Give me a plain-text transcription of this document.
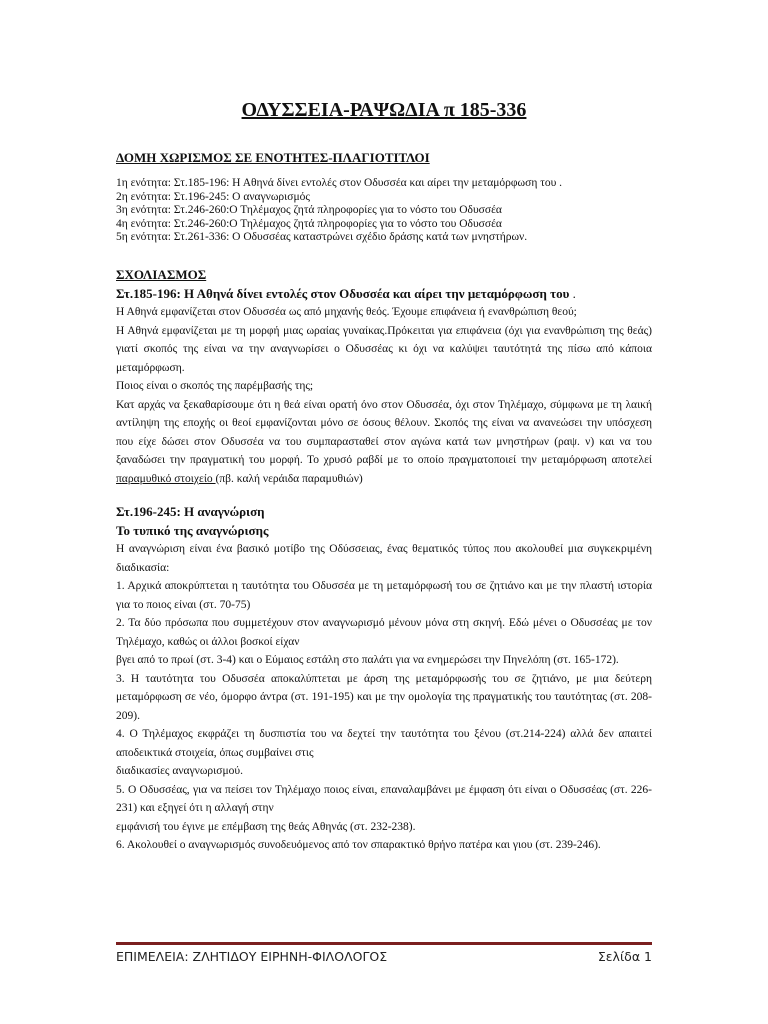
ΟΔΥΣΣΕΙΑ-ΡΑΨΩΔΙΑ π 185-336
ΔΟΜΗ ΧΩΡΙΣΜΟΣ ΣΕ ΕΝΟΤΗΤΕΣ-ΠΛΑΓΙΟΤΙΤΛΟΙ
1η ενότητα: Στ.185-196: Η Αθηνά δίνει εντολές στον Οδυσσέα και αίρει την μεταμόρφωση του .
2η ενότητα: Στ.196-245: Ο αναγνωρισμός
3η ενότητα: Στ.246-260:Ο Τηλέμαχος ζητά πληροφορίες για το νόστο του Οδυσσέα
4η ενότητα: Στ.246-260:Ο Τηλέμαχος ζητά πληροφορίες για το νόστο του Οδυσσέα
5η ενότητα: Στ.261-336: Ο Οδυσσέας καταστρώνει σχέδιο δράσης κατά των μνηστήρων.

ΣΧΟΛΙΑΣΜΟΣ

Στ.185-196: Η Αθηνά δίνει εντολές στον Οδυσσέα και αίρει την μεταμόρφωση του .

Η Αθηνά εμφανίζεται στον Οδυσσέα ως από μηχανής θεός. Έχουμε επιφάνεια ή ενανθρώπιση θεού;

Η Αθηνά εμφανίζεται με τη μορφή μιας ωραίας γυναίκας.Πρόκειται για επιφάνεια (όχι για ενανθρώπιση της θεάς) γιατί σκοπός της είναι να την αναγνωρίσει ο Οδυσσέας κι όχι να καλύψει ταυτότητά της πίσω από κάποια μεταμόρφωση.

Ποιος είναι ο σκοπός της παρέμβασής της;

Κατ αρχάς να ξεκαθαρίσουμε ότι η θεά είναι ορατή όνο στον Οδυσσέα, όχι στον Τηλέμαχο, σύμφωνα με τη λαική αντίληψη της εποχής οι θεοί εμφανίζονται μόνο σε όσους θέλουν. Σκοπός της είναι να ανανεώσει την υπόσχεση που είχε δώσει στον Οδυσσέα να του συμπαρασταθεί στον αγώνα κατά των μνηστήρων (ραψ. ν) και να του ξαναδώσει την πραγματική του μορφή. Το χρυσό ραβδί με το οποίο πραγματοποιεί την μεταμόρφωση αποτελεί παραμυθικό στοιχείο (πβ. καλή νεράιδα παραμυθιών)

Στ.196-245: Η αναγνώριση

Το τυπικό της αναγνώρισης

Η αναγνώριση είναι ένα βασικό μοτίβο της Οδύσσειας, ένας θεματικός τύπος που ακολουθεί μια συγκεκριμένη διαδικασία:

1. Αρχικά αποκρύπτεται η ταυτότητα του Οδυσσέα με τη μεταμόρφωσή του σε ζητιάνο και με την πλαστή ιστορία για το ποιος είναι (στ. 70-75)

2. Τα δύο πρόσωπα που συμμετέχουν στον αναγνωρισμό μένουν μόνα στη σκηνή. Εδώ μένει ο Οδυσσέας με τον Τηλέμαχο, καθώς οι άλλοι βοσκοί είχαν

βγει από το πρωί (στ. 3-4) και ο Εύμαιος εστάλη στο παλάτι για να ενημερώσει την Πηνελόπη (στ. 165-172).

3. Η ταυτότητα του Οδυσσέα αποκαλύπτεται με άρση της μεταμόρφωσής του σε ζητιάνο, με μια δεύτερη μεταμόρφωση σε νέο, όμορφο άντρα (στ. 191-195) και με την ομολογία της πραγματικής του ταυτότητας (στ. 208-209).

4. Ο Τηλέμαχος εκφράζει τη δυσπιστία του να δεχτεί την ταυτότητα του ξένου (στ.214-224) αλλά δεν απαιτεί αποδεικτικά στοιχεία, όπως συμβαίνει στις

διαδικασίες αναγνωρισμού.

5. Ο Οδυσσέας, για να πείσει τον Τηλέμαχο ποιος είναι, επαναλαμβάνει με έμφαση ότι είναι ο Οδυσσέας (στ. 226-231) και εξηγεί ότι η αλλαγή στην

εμφάνισή του έγινε με επέμβαση της θεάς Αθηνάς (στ. 232-238).

6. Ακολουθεί ο αναγνωρισμός συνοδευόμενος από τον σπαρακτικό θρήνο πατέρα και γιου (στ. 239-246).

ΕΠΙΜΕΛΕΙΑ: ΖΛΗΤΙΔΟΥ ΕΙΡΗΝΗ-ΦΙΛΟΛΟΓΟΣ	Σελίδα 1
